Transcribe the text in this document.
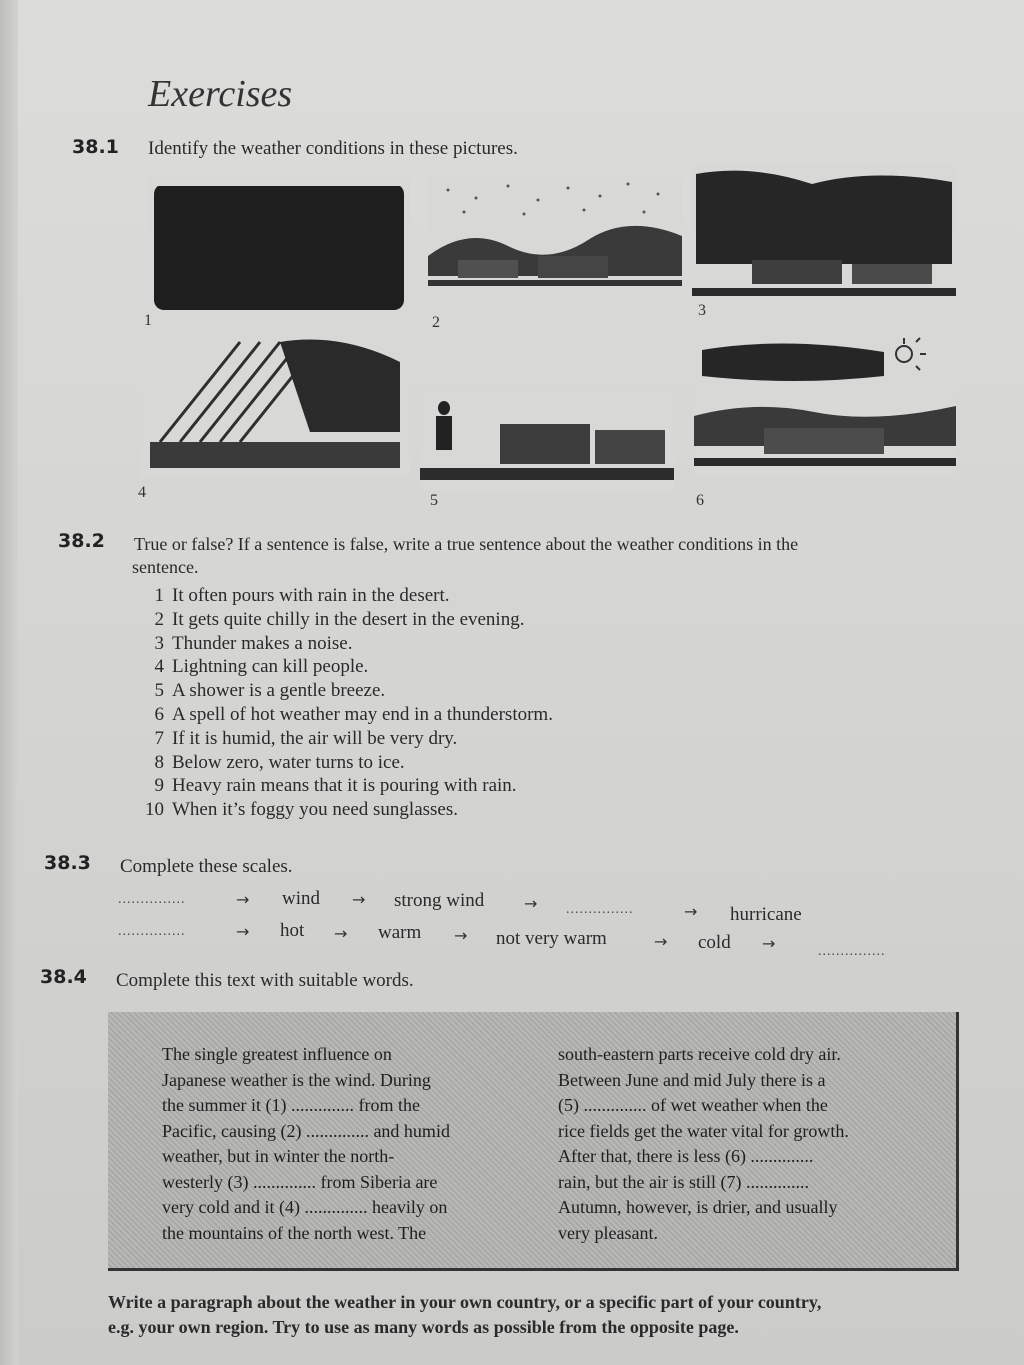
Exercises
38.1 Identify the weather conditions in these pictures.
1	2
3
4	5	6
38.2 True or false? If a sentence is false, write a true sentence about the weather conditions in the
sentence.
1 It often pours with rain in the desert.
2 It gets quite chilly in the desert in the evening.
3 Thunder makes a noise.
4 Lightning can kill people.
5 A shower is a gentle breeze.
6 A spell of hot weather may end in a thunderstorm.
7 If it is humid, the air will be very dry.
8 Below zero, water turns to ice.
9 Heavy rain means that it is pouring with rain.
10 When it’s foggy you need sunglasses.
38.3 Complete these scales.
...............	→ wind → strong wind → ...............	→ hurricane
...............	→ hot → warm → not very warm	→ cold →	...............
38.4 Complete this text with suitable words.
The single greatest influence on
Japanese weather is the wind. During
the summer it (1) .............. from the
Pacific, causing (2) .............. and humid
weather, but in winter the north-
westerly (3) .............. from Siberia are
very cold and it (4) .............. heavily on
the mountains of the north west. The
south-eastern parts receive cold dry air.
Between June and mid July there is a
(5) .............. of wet weather when the
rice fields get the water vital for growth.
After that, there is less (6) ..............
rain, but the air is still (7) ..............
Autumn, however, is drier, and usually
very pleasant.
Write a paragraph about the weather in your own country, or a specific part of your country,
e.g. your own region. Try to use as many words as possible from the opposite page.
